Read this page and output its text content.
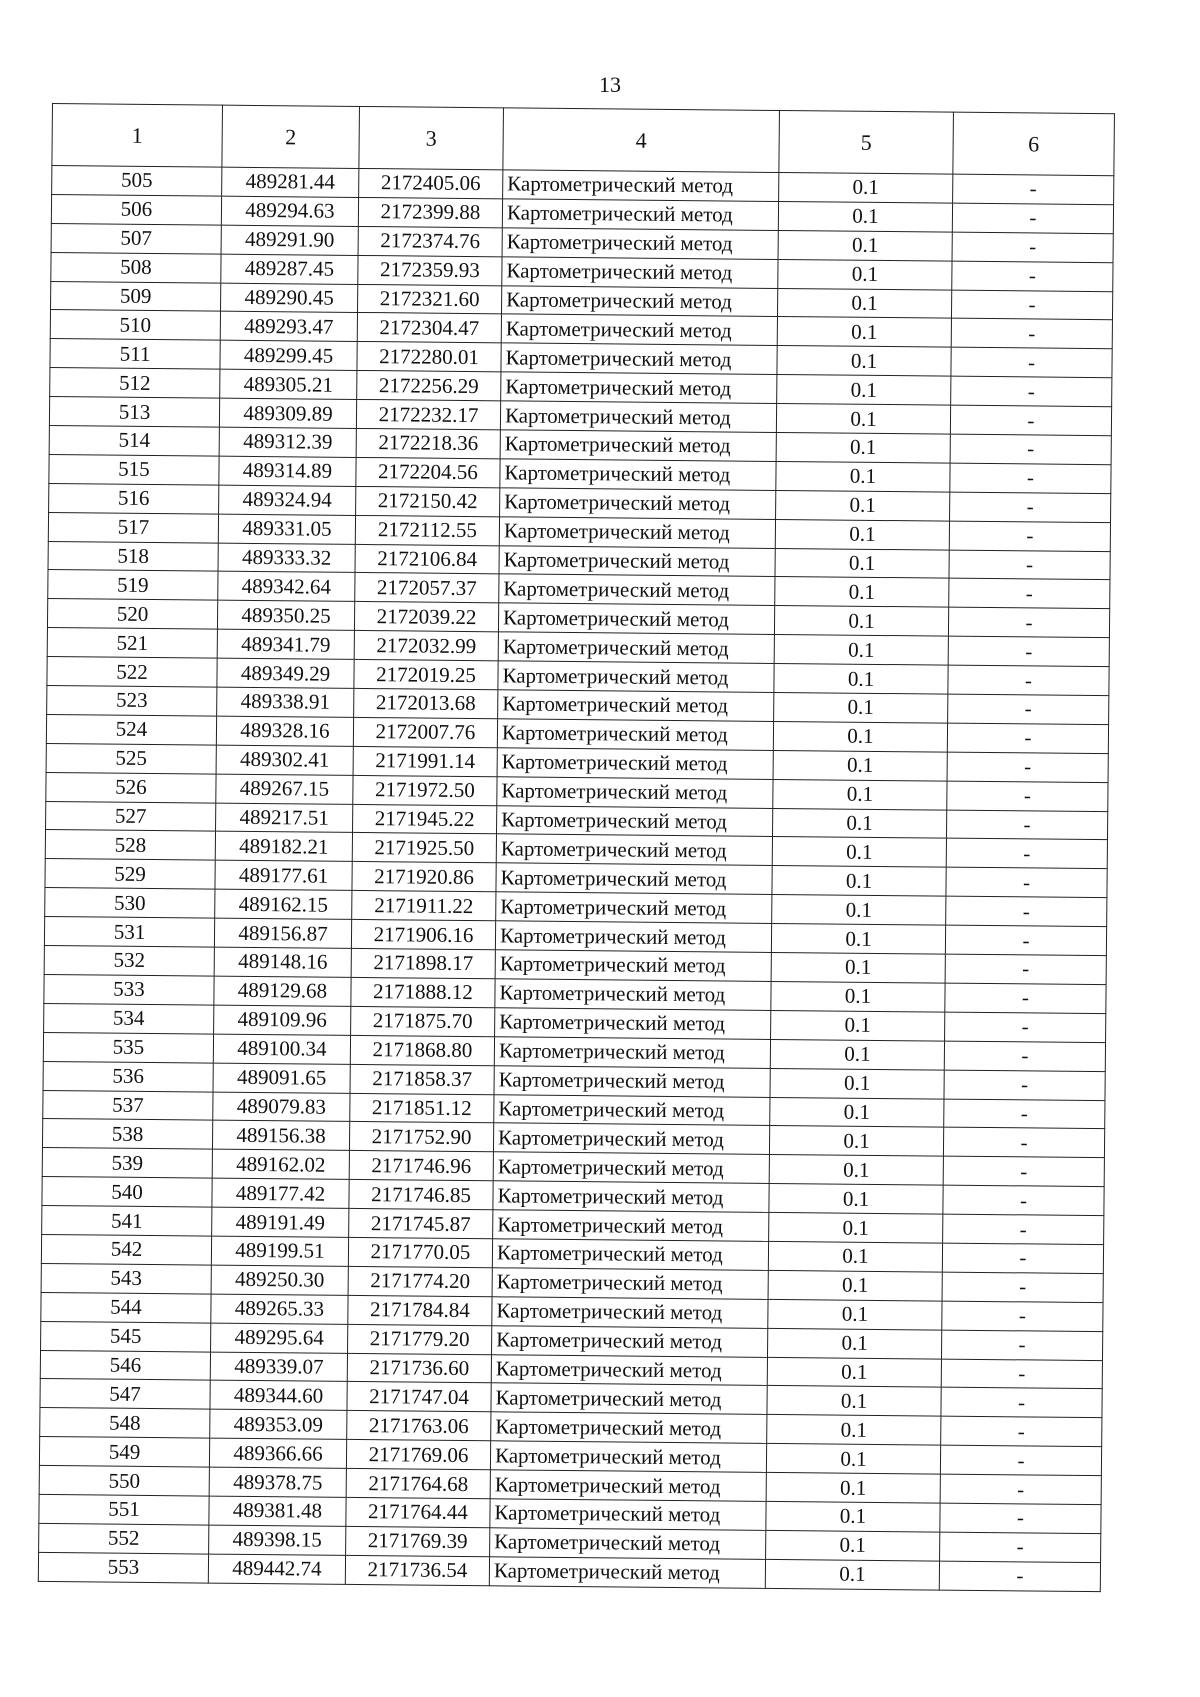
13
1	2	3	4	5	6
505	489281.44	2172405.06	Картометрический метод	0.1	-
506	489294.63	2172399.88	Картометрический метод	0.1	-
507	489291.90	2172374.76	Картометрический метод	0.1	-
508	489287.45	2172359.93	Картометрический метод	0.1	-
509	489290.45	2172321.60	Картометрический метод	0.1	-
510	489293.47	2172304.47	Картометрический метод	0.1	-
511	489299.45	2172280.01	Картометрический метод	0.1	-
512	489305.21	2172256.29	Картометрический метод	0.1	-
513	489309.89	2172232.17	Картометрический метод	0.1	-
514	489312.39	2172218.36	Картометрический метод	0.1	-
515	489314.89	2172204.56	Картометрический метод	0.1	-
516	489324.94	2172150.42	Картометрический метод	0.1	-
517	489331.05	2172112.55	Картометрический метод	0.1	-
518	489333.32	2172106.84	Картометрический метод	0.1	-
519	489342.64	2172057.37	Картометрический метод	0.1	-
520	489350.25	2172039.22	Картометрический метод	0.1	-
521	489341.79	2172032.99	Картометрический метод	0.1	-
522	489349.29	2172019.25	Картометрический метод	0.1	-
523	489338.91	2172013.68	Картометрический метод	0.1	-
524	489328.16	2172007.76	Картометрический метод	0.1	-
525	489302.41	2171991.14	Картометрический метод	0.1	-
526	489267.15	2171972.50	Картометрический метод	0.1	-
527	489217.51	2171945.22	Картометрический метод	0.1	-
528	489182.21	2171925.50	Картометрический метод	0.1	-
529	489177.61	2171920.86	Картометрический метод	0.1	-
530	489162.15	2171911.22	Картометрический метод	0.1	-
531	489156.87	2171906.16	Картометрический метод	0.1	-
532	489148.16	2171898.17	Картометрический метод	0.1	-
533	489129.68	2171888.12	Картометрический метод	0.1	-
534	489109.96	2171875.70	Картометрический метод	0.1	-
535	489100.34	2171868.80	Картометрический метод	0.1	-
536	489091.65	2171858.37	Картометрический метод	0.1	-
537	489079.83	2171851.12	Картометрический метод	0.1	-
538	489156.38	2171752.90	Картометрический метод	0.1	-
539	489162.02	2171746.96	Картометрический метод	0.1	-
540	489177.42	2171746.85	Картометрический метод	0.1	-
541	489191.49	2171745.87	Картометрический метод	0.1	-
542	489199.51	2171770.05	Картометрический метод	0.1	-
543	489250.30	2171774.20	Картометрический метод	0.1	-
544	489265.33	2171784.84	Картометрический метод	0.1	-
545	489295.64	2171779.20	Картометрический метод	0.1	-
546	489339.07	2171736.60	Картометрический метод	0.1	-
547	489344.60	2171747.04	Картометрический метод	0.1	-
548	489353.09	2171763.06	Картометрический метод	0.1	-
549	489366.66	2171769.06	Картометрический метод	0.1	-
550	489378.75	2171764.68	Картометрический метод	0.1	-
551	489381.48	2171764.44	Картометрический метод	0.1	-
552	489398.15	2171769.39	Картометрический метод	0.1	-
553	489442.74	2171736.54	Картометрический метод	0.1	-
